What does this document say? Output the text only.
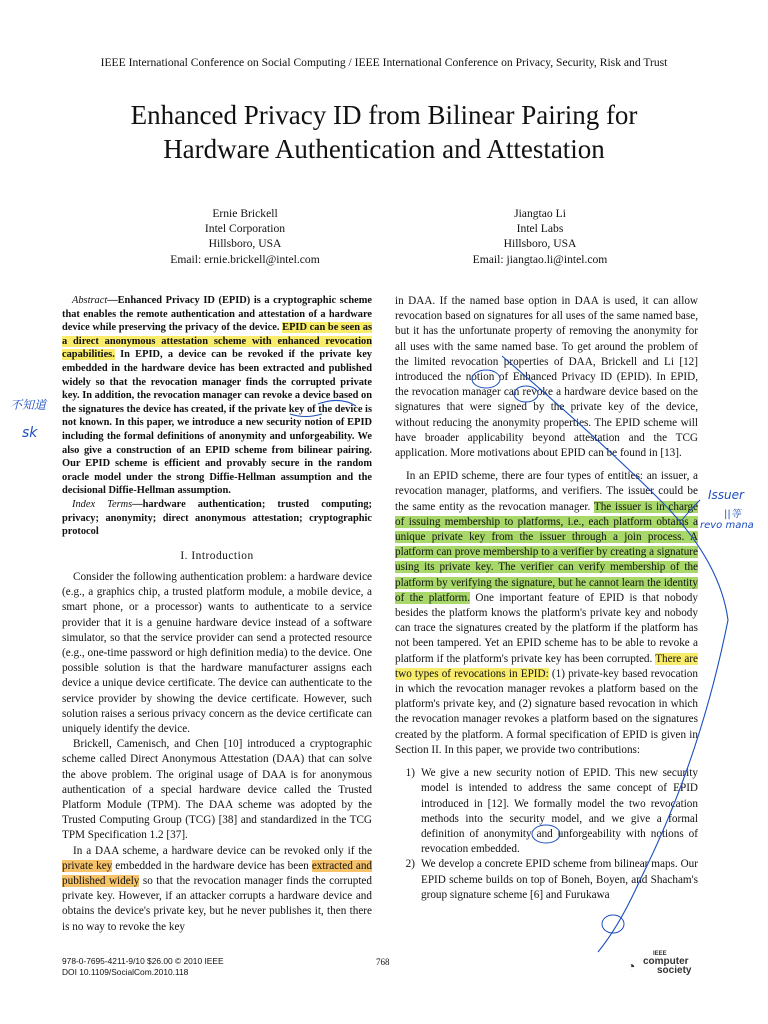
IEEE International Conference on Social Computing / IEEE International Conference on Privacy, Security, Risk and Trust
Enhanced Privacy ID from Bilinear Pairing for
Hardware Authentication and Attestation
Ernie Brickell
Intel Corporation
Hillsboro, USA
Email: ernie.brickell@intel.com
Jiangtao Li
Intel Labs
Hillsboro, USA
Email: jiangtao.li@intel.com

Abstract—Enhanced Privacy ID (EPID) is a cryptographic scheme that enables the remote authentication and attestation of a hardware device while preserving the privacy of the device. EPID can be seen as a direct anonymous attestation scheme with enhanced revocation capabilities. In EPID, a device can be revoked if the private key embedded in the hardware device has been extracted and published widely so that the revocation manager finds the corrupted private key. In addition, the revocation manager can revoke a device based on the signatures the device has created, if the private key of the device is not known. In this paper, we introduce a new security notion of EPID including the formal definitions of anonymity and unforgeability. We also give a construction of an EPID scheme from bilinear pairing. Our EPID scheme is efficient and provably secure in the random oracle model under the strong Diffie-Hellman assumption and the decisional Diffie-Hellman assumption.

Index Terms—hardware authentication; trusted computing; privacy; anonymity; direct anonymous attestation; cryptographic protocol

I. Introduction

Consider the following authentication problem: a hardware device (e.g., a graphics chip, a trusted platform module, a mobile device, a smart phone, or a processor) wants to authenticate to a service provider that it is a genuine hardware device instead of a software simulator, so that the service provider can send a protected resource (e.g., one-time password or high definition media) to the device. One possible solution is that the hardware manufacturer assigns each device a unique device certificate. The device can authenticate to the service provider by showing the device certificate. However, such solution raises a serious privacy concern as the device certificate can uniquely identify the device.

Brickell, Camenisch, and Chen [10] introduced a cryptographic scheme called Direct Anonymous Attestation (DAA) that can solve the above problem. The original usage of DAA is for anonymous authentication of a special hardware device called the Trusted Platform Module (TPM). The DAA scheme was adopted by the Trusted Computing Group (TCG) [38] and standardized in the TCG TPM Specification 1.2 [37].

In a DAA scheme, a hardware device can be revoked only if the private key embedded in the hardware device has been extracted and published widely so that the revocation manager finds the corrupted private key. However, if an attacker corrupts a hardware device and obtains the device's private key, but he never publishes it, then there is no way to revoke the key

in DAA. If the named base option in DAA is used, it can allow revocation based on signatures for all uses of the same named base, but it has the unfortunate property of removing the anonymity for all uses with the same named base. To get around the problem of the limited revocation properties of DAA, Brickell and Li [12] introduced the notion of Enhanced Privacy ID (EPID). In EPID, the revocation manager can revoke a hardware device based on the signatures that were signed by the private key of the device, without reducing the anonymity properties. The EPID scheme will have broader applicability beyond attestation and the TCG application. More motivations about EPID can be found in [13].

In an EPID scheme, there are four types of entities: an issuer, a revocation manager, platforms, and verifiers. The issuer could be the same entity as the revocation manager. The issuer is in charge of issuing membership to platforms, i.e., each platform obtains a unique private key from the issuer through a join process. A platform can prove membership to a verifier by creating a signature using its private key. The verifier can verify membership of the platform by verifying the signature, but he cannot learn the identity of the platform. One important feature of EPID is that nobody besides the platform knows the platform's private key and nobody can trace the signatures created by the platform if the platform has not been tampered. Yet an EPID scheme has to be able to revoke a platform if the platform's private key has been corrupted. There are two types of revocations in EPID: (1) private-key based revocation in which the revocation manager revokes a platform based on the platform's private key, and (2) signature based revocation in which the revocation manager revokes a platform based on the signatures created by the platform. A formal specification of EPID is given in Section II. In this paper, we provide two contributions:

1) We give a new security notion of EPID. This new security model is intended to address the same concept of EPID introduced in [12]. We formally model the two revocation methods into the security model, and we give a formal definition of anonymity and unforgeability with notions of revocation embedded.
2) We develop a concrete EPID scheme from bilinear maps. Our EPID scheme builds on top of Boneh, Boyen, and Shacham's group signature scheme [6] and Furukawa
978-0-7695-4211-9/10 $26.00 © 2010 IEEE
DOI 10.1109/SocialCom.2010.118
768	◔
IEEE
computer
society
Issuer
||等
revo mana
不知道
sk
